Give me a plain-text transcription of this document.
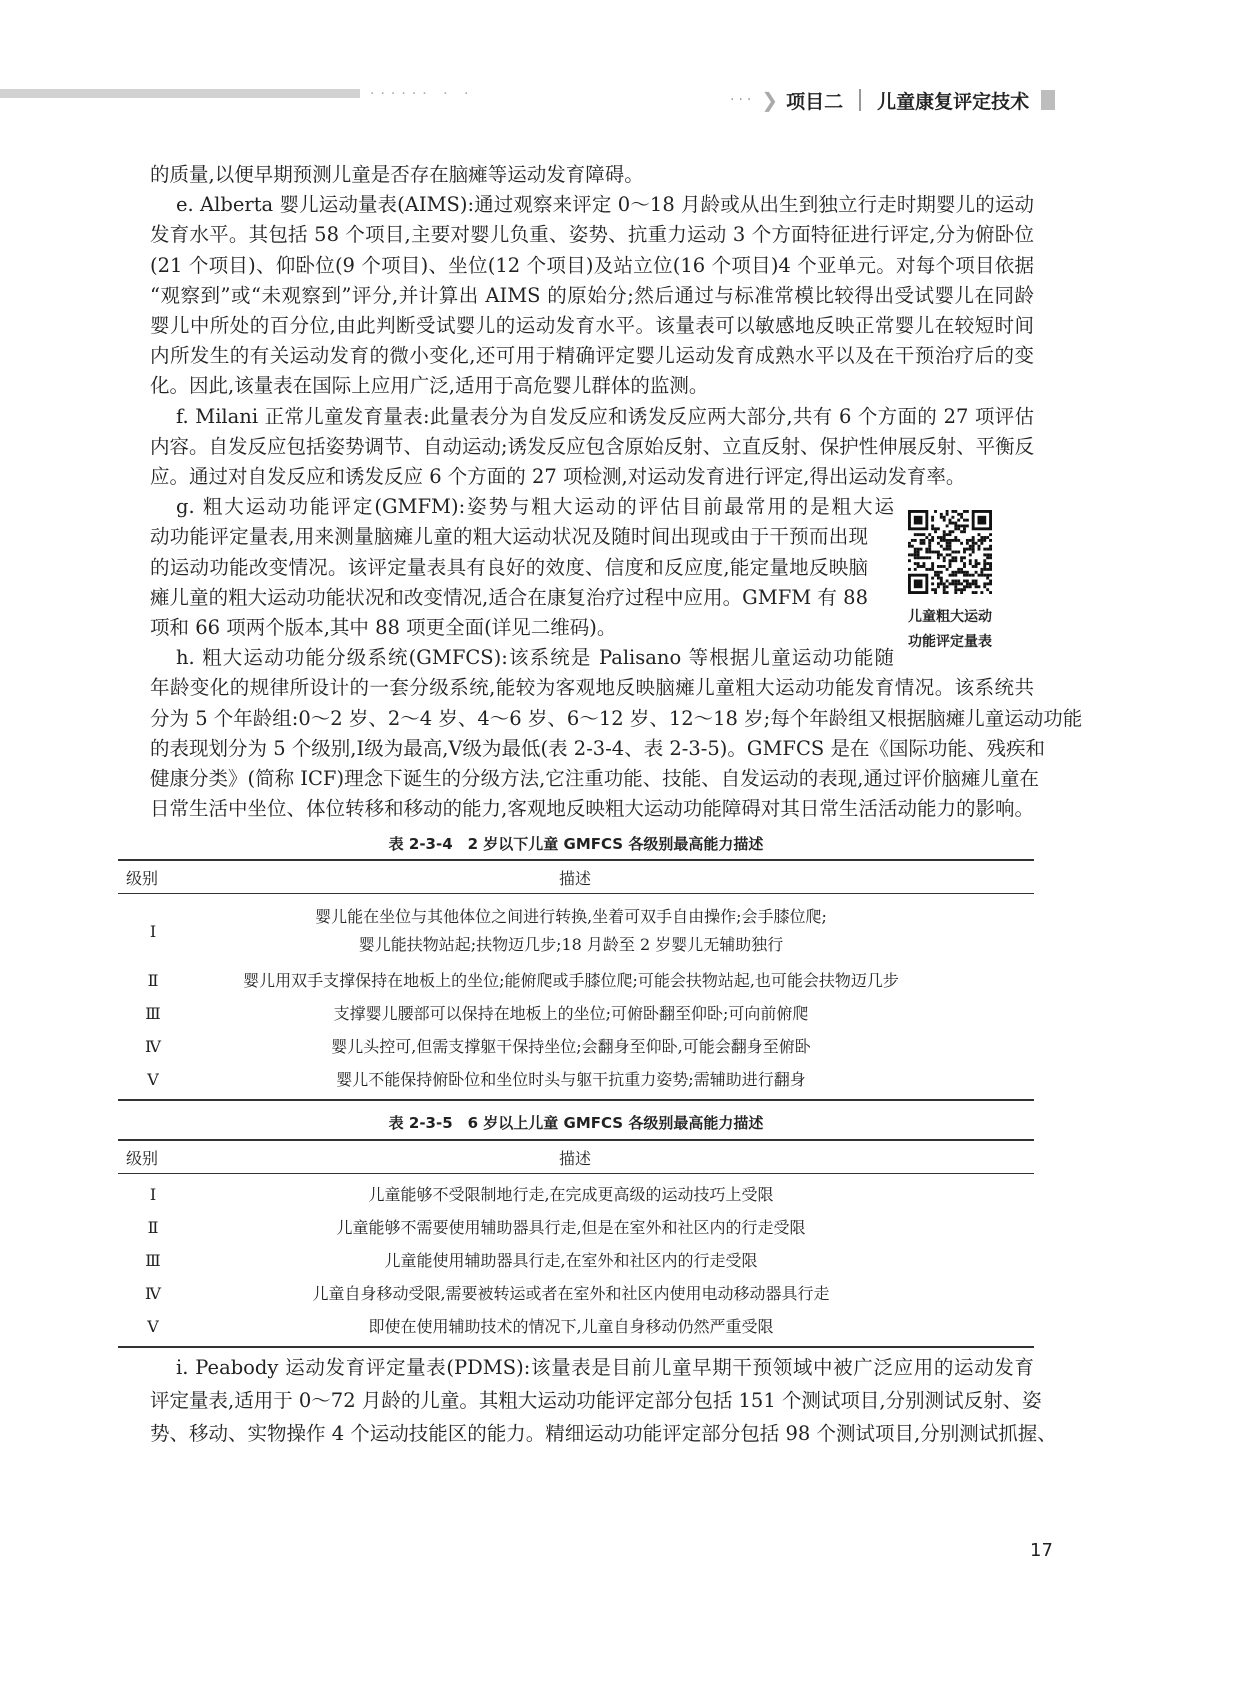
······ · ·	··· ❯ 项目二 儿童康复评定技术
的质量,以便早期预测儿童是否存在脑瘫等运动发育障碍。
e. Alberta 婴儿运动量表(AIMS):通过观察来评定 0～18 月龄或从出生到独立行走时期婴儿的运动
发育水平。其包括 58 个项目,主要对婴儿负重、姿势、抗重力运动 3 个方面特征进行评定,分为俯卧位
(21 个项目)、仰卧位(9 个项目)、坐位(12 个项目)及站立位(16 个项目)4 个亚单元。对每个项目依据
“观察到”或“未观察到”评分,并计算出 AIMS 的原始分;然后通过与标准常模比较得出受试婴儿在同龄
婴儿中所处的百分位,由此判断受试婴儿的运动发育水平。该量表可以敏感地反映正常婴儿在较短时间
内所发生的有关运动发育的微小变化,还可用于精确评定婴儿运动发育成熟水平以及在干预治疗后的变
化。因此,该量表在国际上应用广泛,适用于高危婴儿群体的监测。
f. Milani 正常儿童发育量表:此量表分为自发反应和诱发反应两大部分,共有 6 个方面的 27 项评估
内容。自发反应包括姿势调节、自动运动;诱发反应包含原始反射、立直反射、保护性伸展反射、平衡反
应。通过对自发反应和诱发反应 6 个方面的 27 项检测,对运动发育进行评定,得出运动发育率。
g. 粗大运动功能评定(GMFM):姿势与粗大运动的评估目前最常用的是粗大运
动功能评定量表,用来测量脑瘫儿童的粗大运动状况及随时间出现或由于干预而出现
的运动功能改变情况。该评定量表具有良好的效度、信度和反应度,能定量地反映脑
瘫儿童的粗大运动功能状况和改变情况,适合在康复治疗过程中应用。GMFM 有 88
项和 66 项两个版本,其中 88 项更全面(详见二维码)。
h. 粗大运动功能分级系统(GMFCS):该系统是 Palisano 等根据儿童运动功能随
年龄变化的规律所设计的一套分级系统,能较为客观地反映脑瘫儿童粗大运动功能发育情况。该系统共
分为 5 个年龄组:0～2 岁、2～4 岁、4～6 岁、6～12 岁、12～18 岁;每个年龄组又根据脑瘫儿童运动功能
的表现划分为 5 个级别,Ⅰ级为最高,Ⅴ级为最低(表 2-3-4、表 2-3-5)。GMFCS 是在《国际功能、残疾和
健康分类》(简称 ICF)理念下诞生的分级方法,它注重功能、技能、自发运动的表现,通过评价脑瘫儿童在
日常生活中坐位、体位转移和移动的能力,客观地反映粗大运动功能障碍对其日常生活活动能力的影响。
儿童粗大运动
功能评定量表
表 2-3-4　2 岁以下儿童 GMFCS 各级别最高能力描述
级别	描述
Ⅰ
婴儿能在坐位与其他体位之间进行转换,坐着可双手自由操作;会手膝位爬;
婴儿能扶物站起;扶物迈几步;18 月龄至 2 岁婴儿无辅助独行
Ⅱ	婴儿用双手支撑保持在地板上的坐位;能俯爬或手膝位爬;可能会扶物站起,也可能会扶物迈几步
Ⅲ	支撑婴儿腰部可以保持在地板上的坐位;可俯卧翻至仰卧;可向前俯爬
Ⅳ	婴儿头控可,但需支撑躯干保持坐位;会翻身至仰卧,可能会翻身至俯卧
Ⅴ	婴儿不能保持俯卧位和坐位时头与躯干抗重力姿势;需辅助进行翻身
表 2-3-5　6 岁以上儿童 GMFCS 各级别最高能力描述
级别	描述
Ⅰ	儿童能够不受限制地行走,在完成更高级的运动技巧上受限
Ⅱ	儿童能够不需要使用辅助器具行走,但是在室外和社区内的行走受限
Ⅲ	儿童能使用辅助器具行走,在室外和社区内的行走受限
Ⅳ	儿童自身移动受限,需要被转运或者在室外和社区内使用电动移动器具行走
Ⅴ	即使在使用辅助技术的情况下,儿童自身移动仍然严重受限
i. Peabody 运动发育评定量表(PDMS):该量表是目前儿童早期干预领域中被广泛应用的运动发育
评定量表,适用于 0～72 月龄的儿童。其粗大运动功能评定部分包括 151 个测试项目,分别测试反射、姿
势、移动、实物操作 4 个运动技能区的能力。精细运动功能评定部分包括 98 个测试项目,分别测试抓握、
17
